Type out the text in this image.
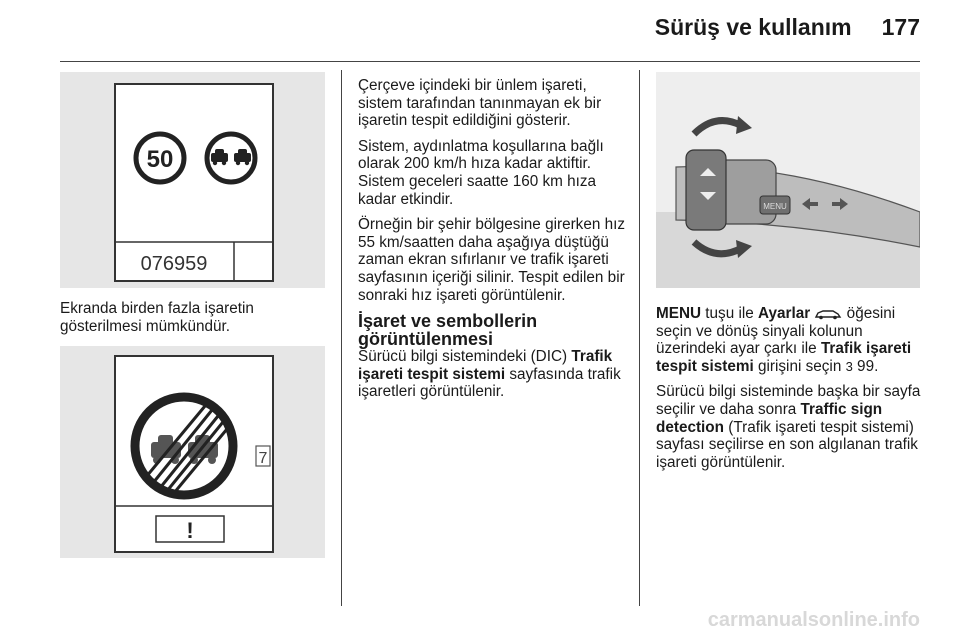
Sürüş ve kullanım 177
50
076959

Ekranda birden fazla işaretin gösterilmesi mümkündür.

7
!

Çerçeve içindeki bir ünlem işareti, sistem tarafından tanınmayan ek bir işaretin tespit edildiğini gösterir.

Sistem, aydınlatma koşullarına bağlı olarak 200 km/h hıza kadar aktiftir. Sistem geceleri saatte 160 km hıza kadar etkindir.

Örneğin bir şehir bölgesine girerken hız 55 km/saatten daha aşağıya düştüğü zaman ekran sıfırlanır ve trafik işareti sayfasının içeriği silinir. Tespit edilen bir sonraki hız işareti görüntülenir.

İşaret ve sembollerin görüntülenmesi

Sürücü bilgi sistemindeki (DIC) Trafik işareti tespit sistemi sayfasında trafik işaretleri görüntülenir.

MENU

MENU tuşu ile Ayarlar  öğesini seçin ve dönüş sinyali kolunun üzerindeki ayar çarkı ile Trafik işareti tespit sistemi girişini seçin 3 99.

Sürücü bilgi sisteminde başka bir sayfa seçilir ve daha sonra Traffic sign detection (Trafik işareti tespit sistemi) sayfası seçilirse en son algılanan trafik işareti görüntülenir.

carmanualsonline.info
